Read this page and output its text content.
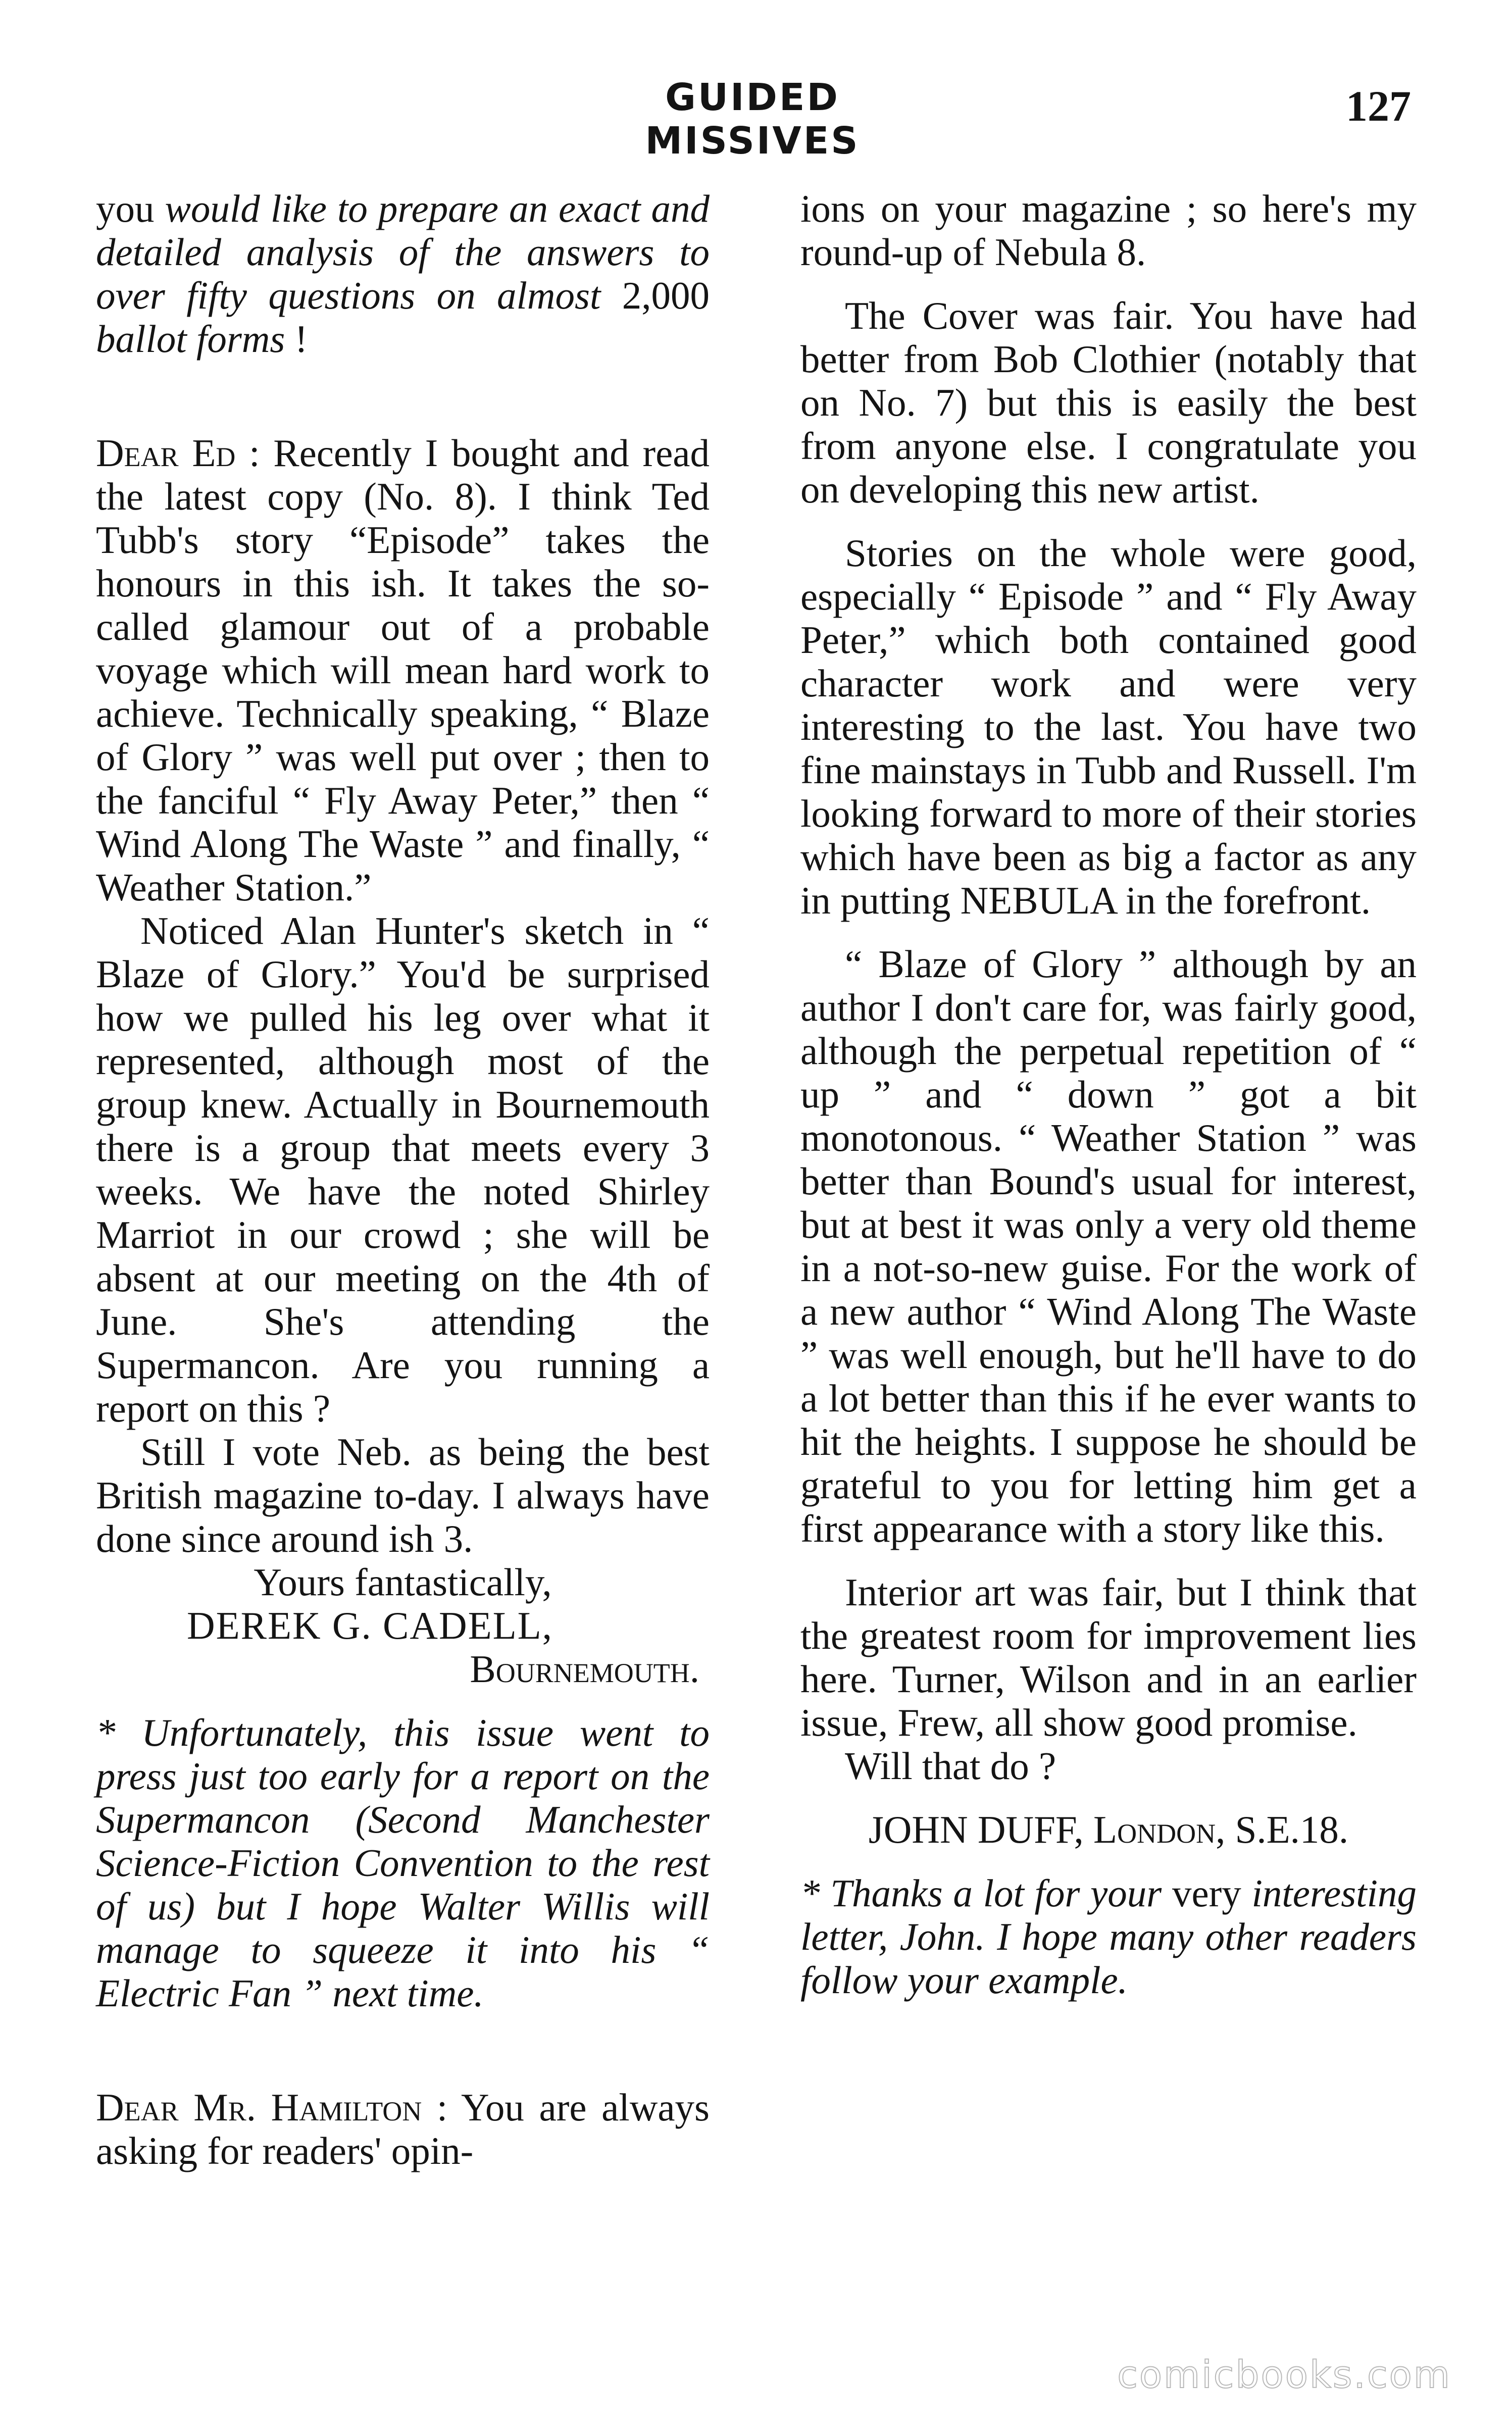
GUIDED MISSIVES
127

you would like to prepare an exact and detailed analysis of the answers to over fifty questions on almost 2,000 ballot forms !

Dear Ed : Recently I bought and read the latest copy (No. 8). I think Ted Tubb's story “Episode” takes the honours in this ish. It takes the so-called glamour out of a probable voyage which will mean hard work to achieve. Technically speaking, “ Blaze of Glory ” was well put over ; then to the fanciful “ Fly Away Peter,” then “ Wind Along The Waste ” and finally, “ Weather Station.”

Noticed Alan Hunter's sketch in “ Blaze of Glory.” You'd be surprised how we pulled his leg over what it represented, although most of the group knew. Actually in Bournemouth there is a group that meets every 3 weeks. We have the noted Shirley Marriot in our crowd ; she will be absent at our meeting on the 4th of June. She's attending the Supermancon. Are you running a report on this ?

Still I vote Neb. as being the best British magazine to-day. I always have done since around ish 3.

Yours fantastically,

DEREK G. CADELL,

Bournemouth.

* Unfortunately, this issue went to press just too early for a report on the Supermancon (Second Manchester Science-Fiction Convention to the rest of us) but I hope Walter Willis will manage to squeeze it into his “ Electric Fan ” next time.

Dear Mr. Hamilton : You are always asking for readers' opin-

ions on your magazine ; so here's my round-up of Nebula 8.

The Cover was fair. You have had better from Bob Clothier (notably that on No. 7) but this is easily the best from anyone else. I congratulate you on developing this new artist.

Stories on the whole were good, especially “ Episode ” and “ Fly Away Peter,” which both contained good character work and were very interesting to the last. You have two fine mainstays in Tubb and Russell. I'm looking forward to more of their stories which have been as big a factor as any in putting NEBULA in the forefront.

“ Blaze of Glory ” although by an author I don't care for, was fairly good, although the perpetual repetition of “ up ” and “ down ” got a bit monotonous. “ Weather Station ” was better than Bound's usual for interest, but at best it was only a very old theme in a not-so-new guise. For the work of a new author “ Wind Along The Waste ” was well enough, but he'll have to do a lot better than this if he ever wants to hit the heights. I suppose he should be grateful to you for letting him get a first appearance with a story like this.

Interior art was fair, but I think that the greatest room for improvement lies here. Turner, Wilson and in an earlier issue, Frew, all show good promise.

Will that do ?

JOHN DUFF, London, S.E.18.

* Thanks a lot for your very interesting letter, John. I hope many other readers follow your example.

comicbooks.com
